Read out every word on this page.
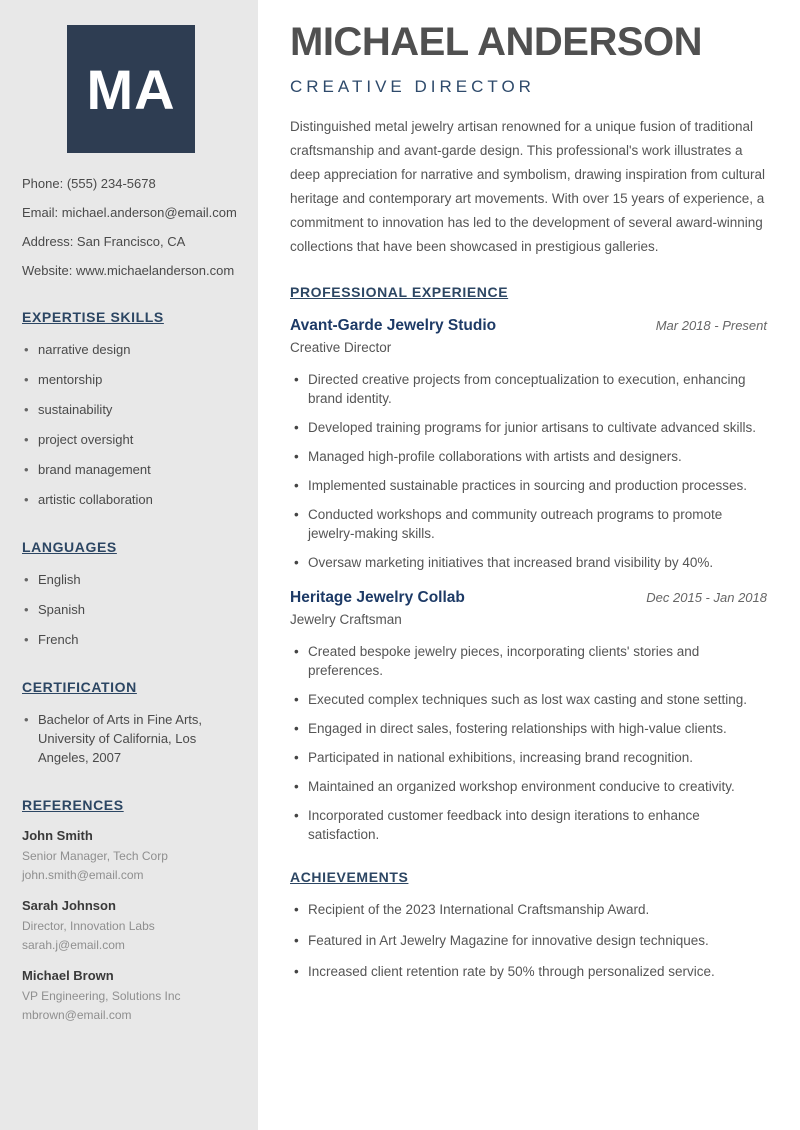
MA

Phone: (555) 234-5678

Email: michael.anderson@email.com

Address: San Francisco, CA

Website: www.michaelanderson.com

EXPERTISE SKILLS
• narrative design
• mentorship
• sustainability
• project oversight
• brand management
• artistic collaboration
LANGUAGES
• English
• Spanish
• French
CERTIFICATION
• Bachelor of Arts in Fine Arts, University of California, Los Angeles, 2007
REFERENCES

John Smith

Senior Manager, Tech Corp

john.smith@email.com

Sarah Johnson

Director, Innovation Labs

sarah.j@email.com

Michael Brown

VP Engineering, Solutions Inc

mbrown@email.com

MICHAEL ANDERSON
CREATIVE DIRECTOR

Distinguished metal jewelry artisan renowned for a unique fusion of traditional craftsmanship and avant-garde design. This professional's work illustrates a deep appreciation for narrative and symbolism, drawing inspiration from cultural heritage and contemporary art movements. With over 15 years of experience, a commitment to innovation has led to the development of several award-winning collections that have been showcased in prestigious galleries.

PROFESSIONAL EXPERIENCE
Avant-Garde Jewelry Studio	Mar 2018 - Present

Creative Director

• Directed creative projects from conceptualization to execution, enhancing brand identity.
• Developed training programs for junior artisans to cultivate advanced skills.
• Managed high-profile collaborations with artists and designers.
• Implemented sustainable practices in sourcing and production processes.
• Conducted workshops and community outreach programs to promote jewelry-making skills.
• Oversaw marketing initiatives that increased brand visibility by 40%.
Heritage Jewelry Collab	Dec 2015 - Jan 2018

Jewelry Craftsman

• Created bespoke jewelry pieces, incorporating clients' stories and preferences.
• Executed complex techniques such as lost wax casting and stone setting.
• Engaged in direct sales, fostering relationships with high-value clients.
• Participated in national exhibitions, increasing brand recognition.
• Maintained an organized workshop environment conducive to creativity.
• Incorporated customer feedback into design iterations to enhance satisfaction.
ACHIEVEMENTS
• Recipient of the 2023 International Craftsmanship Award.
• Featured in Art Jewelry Magazine for innovative design techniques.
• Increased client retention rate by 50% through personalized service.
